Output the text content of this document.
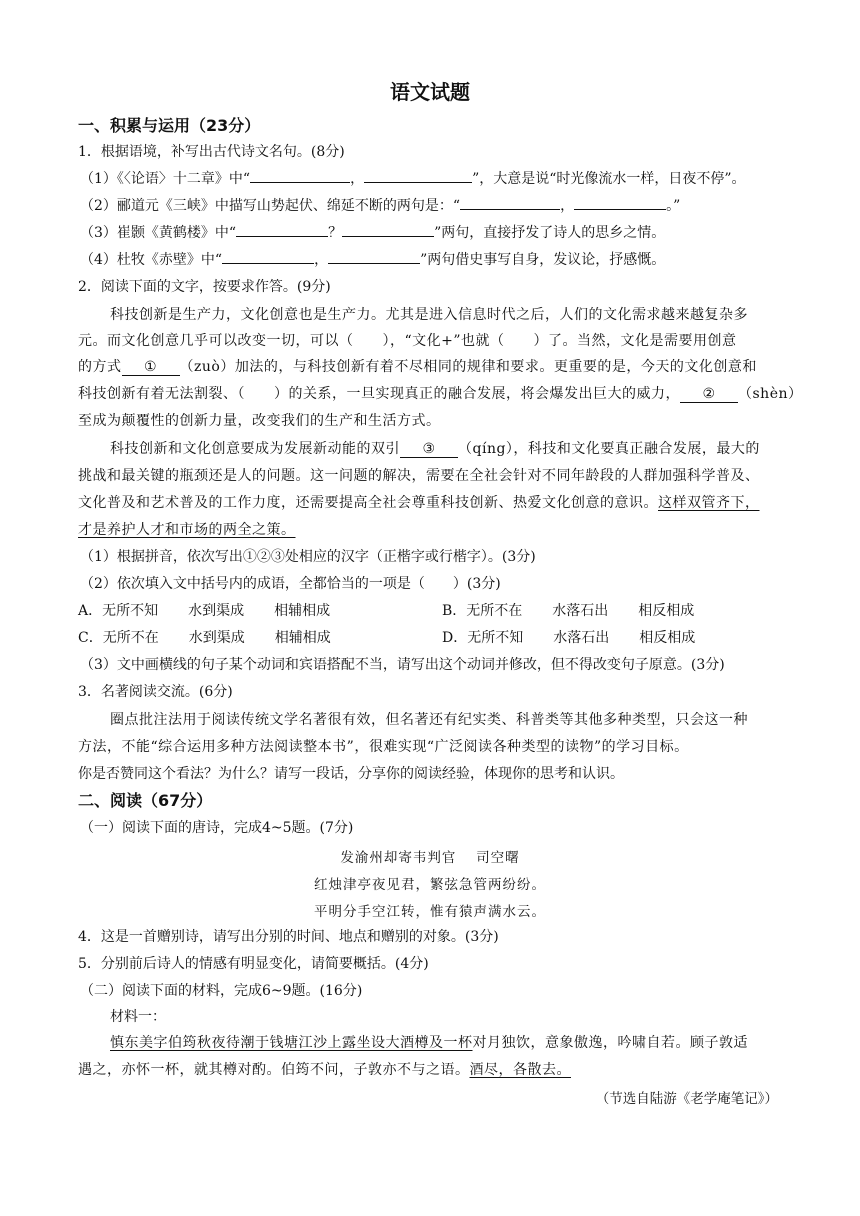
语文试题
一、积累与运用（23分）
1．根据语境，补写出古代诗文名句。(8分)
（1）《〈论语〉十二章》中“	，	”，大意是说“时光像流水一样，日夜不停”。
（2）郦道元《三峡》中描写山势起伏、绵延不断的两句是：“	，	。”
（3）崔颢《黄鹤楼》中“	？	”两句，直接抒发了诗人的思乡之情。
（4）杜牧《赤壁》中“	，	”两句借史事写自身，发议论，抒感慨。
2．阅读下面的文字，按要求作答。(9分)
科技创新是生产力，文化创意也是生产力。尤其是进入信息时代之后，人们的文化需求越来越复杂多
元。而文化创意几乎可以改变一切，可以（　　），“文化+”也就（　　）了。当然，文化是需要用创意
的方式 ① （zuò）加法的，与科技创新有着不尽相同的规律和要求。更重要的是，今天的文化创意和
科技创新有着无法割裂、（　　）的关系，一旦实现真正的融合发展，将会爆发出巨大的威力， ② （shèn）
至成为颠覆性的创新力量，改变我们的生产和生活方式。
科技创新和文化创意要成为发展新动能的双引 ③ （qíng），科技和文化要真正融合发展，最大的
挑战和最关键的瓶颈还是人的问题。这一问题的解决，需要在全社会针对不同年龄段的人群加强科学普及、
文化普及和艺术普及的工作力度，还需要提高全社会尊重科技创新、热爱文化创意的意识。这样双管齐下，
才是养护人才和市场的两全之策。
（1）根据拼音，依次写出①②③处相应的汉字（正楷字或行楷字）。(3分)
（2）依次填入文中括号内的成语，全都恰当的一项是（　　）(3分)
A．无所不知 水到渠成 相辅相成	B．无所不在 水落石出 相反相成
C．无所不在 水到渠成 相辅相成	D．无所不知 水落石出 相反相成
（3）文中画横线的句子某个动词和宾语搭配不当，请写出这个动词并修改，但不得改变句子原意。(3分)
3．名著阅读交流。(6分)
圈点批注法用于阅读传统文学名著很有效，但名著还有纪实类、科普类等其他多种类型，只会这一种
方法，不能“综合运用多种方法阅读整本书”，很难实现“广泛阅读各种类型的读物”的学习目标。
你是否赞同这个看法？为什么？请写一段话，分享你的阅读经验，体现你的思考和认识。
二、阅读（67分）
（一）阅读下面的唐诗，完成4~5题。(7分)
发渝州却寄韦判官　 司空曙
红烛津亭夜见君，繁弦急管两纷纷。
平明分手空江转，惟有猿声满水云。
4．这是一首赠别诗，请写出分别的时间、地点和赠别的对象。(3分)
5．分别前后诗人的情感有明显变化，请简要概括。(4分)
（二）阅读下面的材料，完成6~9题。(16分)
材料一：
慎东美字伯筠秋夜待潮于钱塘江沙上露坐设大酒樽及一杯对月独饮，意象傲逸，吟啸自若。顾子敦适
遇之，亦怀一杯，就其樽对酌。伯筠不问，子敦亦不与之语。酒尽，各散去。
（节选自陆游《老学庵笔记》）
